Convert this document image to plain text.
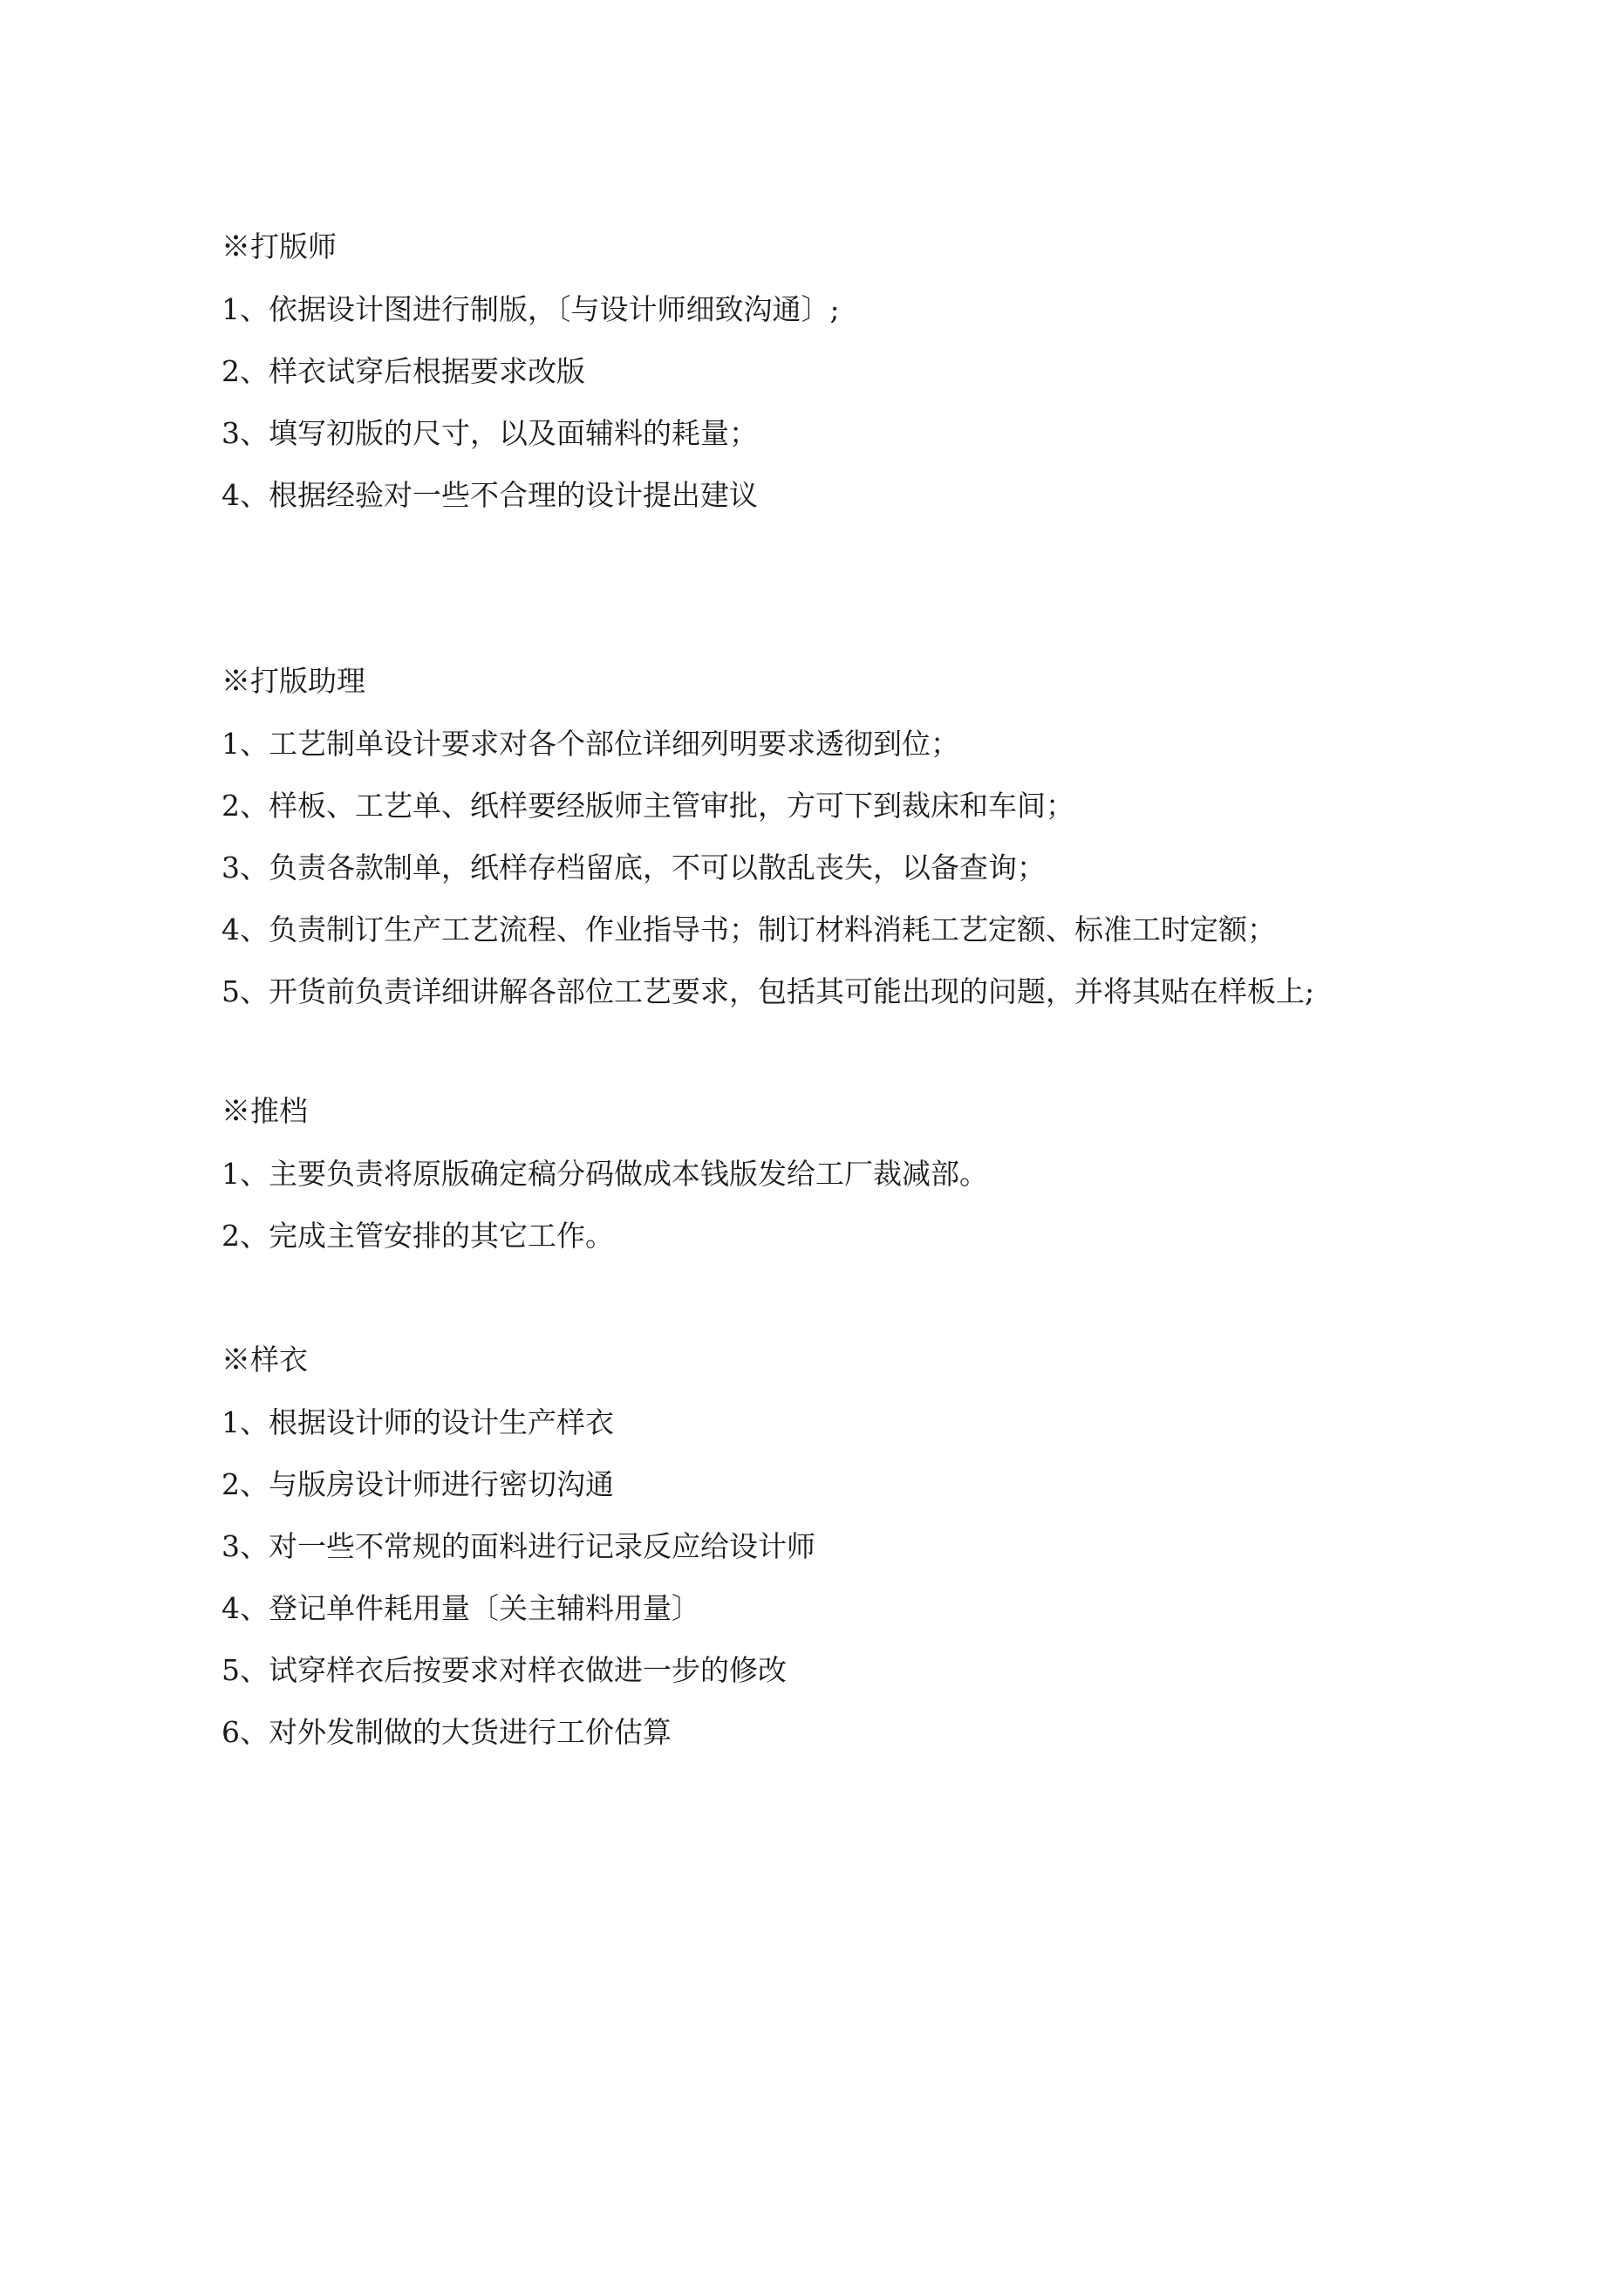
※打版师

1、依据设计图进行制版，〔与设计师细致沟通〕;

2、样衣试穿后根据要求改版

3、填写初版的尺寸，以及面辅料的耗量；

4、根据经验对一些不合理的设计提出建议

※打版助理

1、工艺制单设计要求对各个部位详细列明要求透彻到位；

2、样板、工艺单、纸样要经版师主管审批，方可下到裁床和车间；

3、负责各款制单，纸样存档留底，不可以散乱丧失，以备查询；

4、负责制订生产工艺流程、作业指导书；制订材料消耗工艺定额、标准工时定额；

5、开货前负责详细讲解各部位工艺要求，包括其可能出现的问题，并将其贴在样板上;

※推档

1、主要负责将原版确定稿分码做成本钱版发给工厂裁减部。

2、完成主管安排的其它工作。

※样衣

1、根据设计师的设计生产样衣

2、与版房设计师进行密切沟通

3、对一些不常规的面料进行记录反应给设计师

4、登记单件耗用量〔关主辅料用量〕

5、试穿样衣后按要求对样衣做进一步的修改

6、对外发制做的大货进行工价估算
